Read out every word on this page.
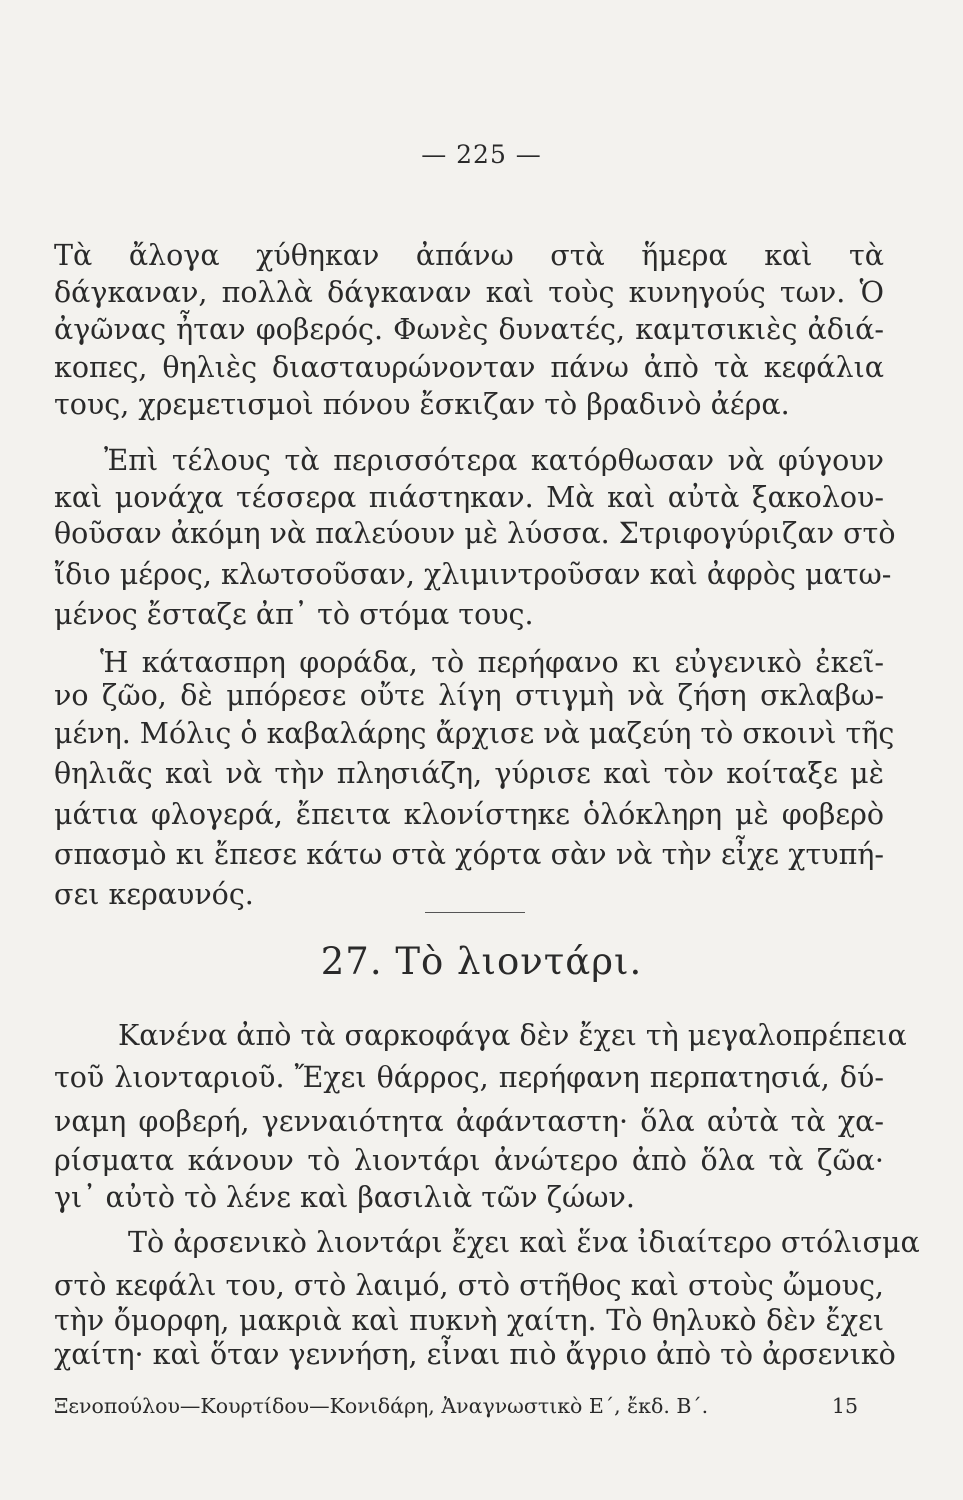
— 225 —
Τὰ ἄλογα χύθηκαν ἀπάνω στὰ ἥμερα καὶ τὰ
δάγκαναν, πολλὰ δάγκαναν καὶ τοὺς κυνηγούς των. Ὁ
ἀγῶνας ἦταν φοβερός. Φωνὲς δυνατές, καμτσικιὲς ἀδιά-
κοπες, θηλιὲς διασταυρώνονταν πάνω ἀπὸ τὰ κεφάλια
τους, χρεμετισμοὶ πόνου ἔσκιζαν τὸ βραδινὸ ἀέρα.
Ἐπὶ τέλους τὰ περισσότερα κατόρθωσαν νὰ φύγουν
καὶ μονάχα τέσσερα πιάστηκαν. Μὰ καὶ αὐτὰ ξακολου-
θοῦσαν ἀκόμη νὰ παλεύουν μὲ λύσσα. Στριφογύριζαν στὸ
ἴδιο μέρος, κλωτσοῦσαν, χλιμιντροῦσαν καὶ ἀφρὸς ματω-
μένος ἔσταζε ἀπ᾽ τὸ στόμα τους.
Ἡ κάτασπρη φοράδα, τὸ περήφανο κι εὐγενικὸ ἐκεῖ-
νο ζῶο, δὲ μπόρεσε οὔτε λίγη στιγμὴ νὰ ζήση σκλαβω-
μένη. Μόλις ὁ καβαλάρης ἄρχισε νὰ μαζεύη τὸ σκοινὶ τῆς
θηλιᾶς καὶ νὰ τὴν πλησιάζη, γύρισε καὶ τὸν κοίταξε μὲ
μάτια φλογερά, ἔπειτα κλονίστηκε ὁλόκληρη μὲ φοβερὸ
σπασμὸ κι ἔπεσε κάτω στὰ χόρτα σὰν νὰ τὴν εἶχε χτυπή-
σει κεραυνός.
27. Τὸ λιοντάρι.
Κανένα ἀπὸ τὰ σαρκοφάγα δὲν ἔχει τὴ μεγαλοπρέπεια
τοῦ λιονταριοῦ. Ἔχει θάρρος, περήφανη περπατησιά, δύ-
ναμη φοβερή, γενναιότητα ἀφάνταστη· ὅλα αὐτὰ τὰ χα-
ρίσματα κάνουν τὸ λιοντάρι ἀνώτερο ἀπὸ ὅλα τὰ ζῶα·
γι᾽ αὐτὸ τὸ λένε καὶ βασιλιὰ τῶν ζώων.
Τὸ ἀρσενικὸ λιοντάρι ἔχει καὶ ἕνα ἰδιαίτερο στόλισμα
στὸ κεφάλι του, στὸ λαιμό, στὸ στῆθος καὶ στοὺς ὤμους,
τὴν ὄμορφη, μακριὰ καὶ πυκνὴ χαίτη. Τὸ θηλυκὸ δὲν ἔχει
χαίτη· καὶ ὅταν γεννήση, εἶναι πιὸ ἄγριο ἀπὸ τὸ ἀρσενικὸ
Ξενοπούλου—Κουρτίδου—Κονιδάρη, Ἀναγνωστικὸ Ε΄, ἔκδ. Β΄.	15
